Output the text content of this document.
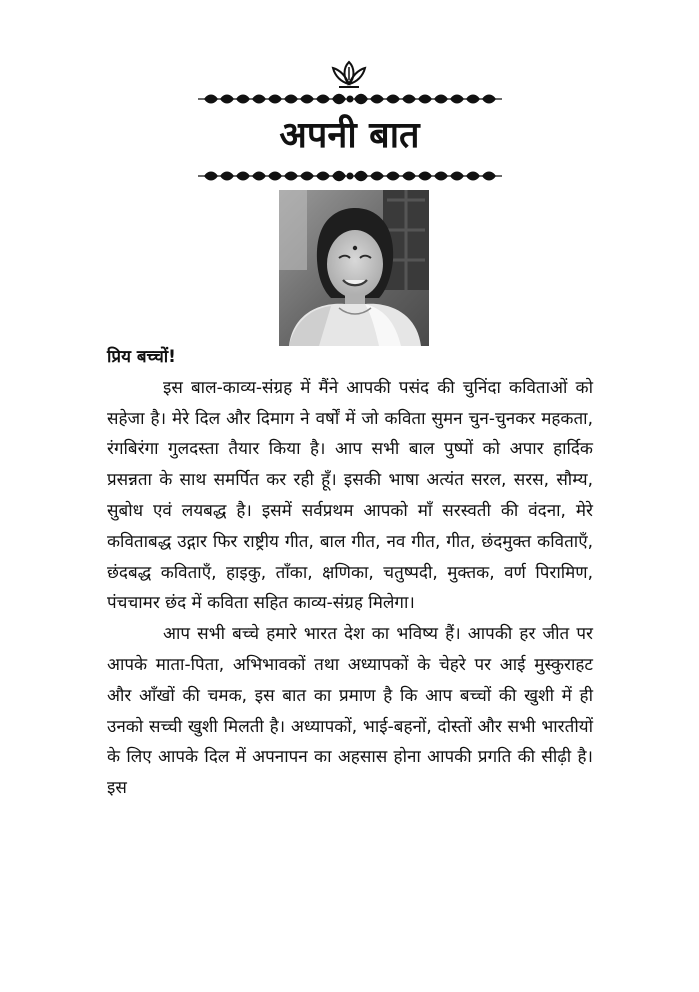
अपनी बात

प्रिय बच्चों!

इस बाल-काव्य-संग्रह में मैंने आपकी पसंद की चुनिंदा कविताओं को सहेजा है। मेरे दिल और दिमाग ने वर्षों में जो कविता सुमन चुन-चुनकर महकता, रंगबिरंगा गुलदस्ता तैयार किया है। आप सभी बाल पुष्पों को अपार हार्दिक प्रसन्नता के साथ समर्पित कर रही हूँ। इसकी भाषा अत्यंत सरल, सरस, सौम्य, सुबोध एवं लयबद्ध है। इसमें सर्वप्रथम आपको माँ सरस्वती की वंदना, मेरे कविताबद्ध उद्गार फिर राष्ट्रीय गीत, बाल गीत, नव गीत, गीत, छंदमुक्त कविताएँ, छंदबद्ध कविताएँ, हाइकु, ताँका, क्षणिका, चतुष्पदी, मुक्तक, वर्ण पिरामिण, पंचचामर छंद में कविता सहित काव्य-संग्रह मिलेगा।

आप सभी बच्चे हमारे भारत देश का भविष्य हैं। आपकी हर जीत पर आपके माता-पिता, अभिभावकों तथा अध्यापकों के चेहरे पर आई मुस्कुराहट और आँखों की चमक, इस बात का प्रमाण है कि आप बच्चों की खुशी में ही उनको सच्ची खुशी मिलती है। अध्यापकों, भाई-बहनों, दोस्तों और सभी भारतीयों के लिए आपके दिल में अपनापन का अहसास होना आपकी प्रगति की सीढ़ी है। इस
